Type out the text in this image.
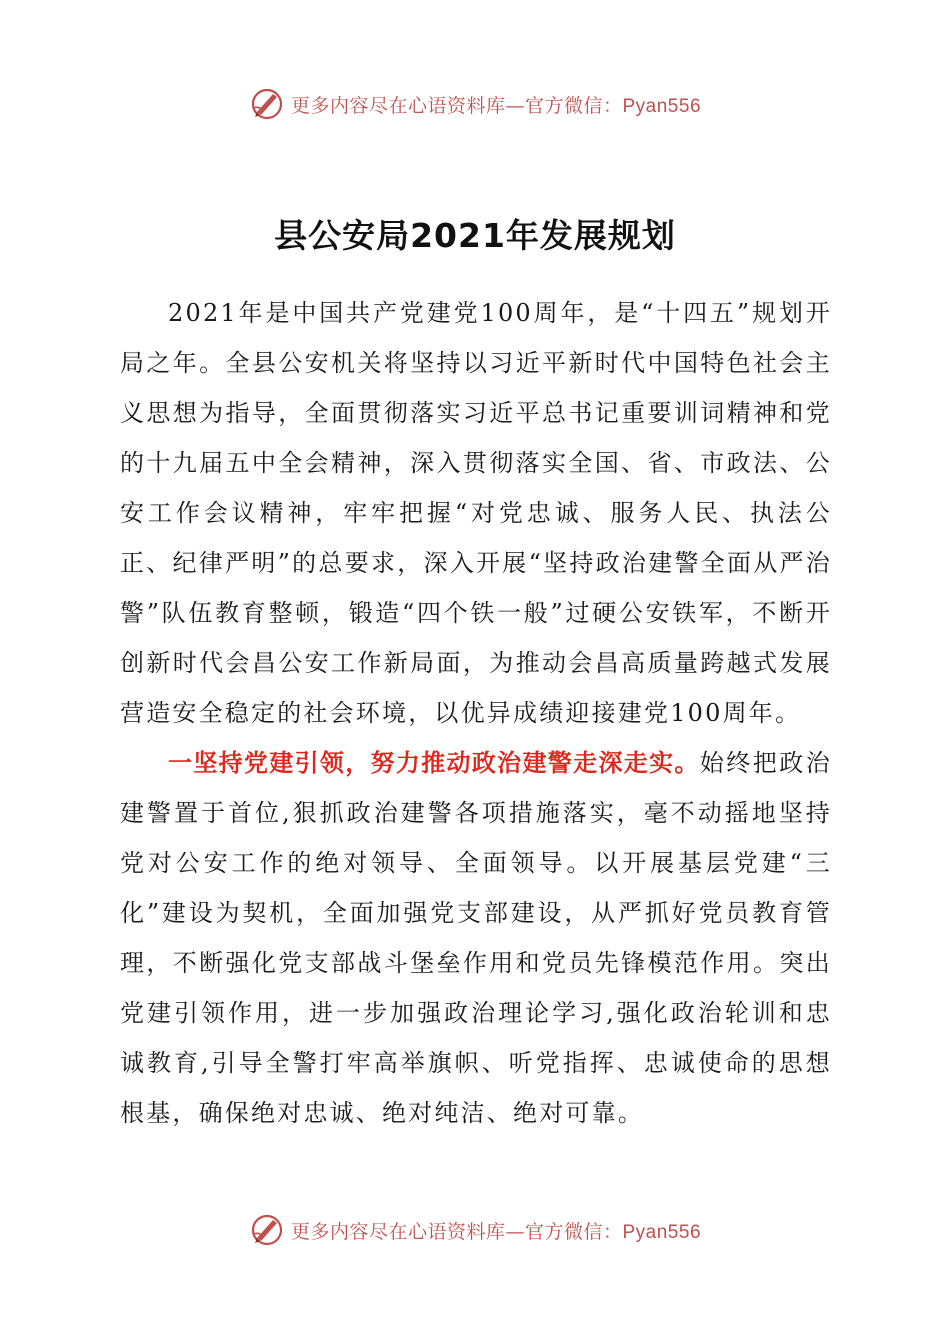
更多内容尽在心语资料库—官方微信：Pyan556
县公安局2021年发展规划

2021年是中国共产党建党100周年，是“十四五”规划开局之年。全县公安机关将坚持以习近平新时代中国特色社会主义思想为指导，全面贯彻落实习近平总书记重要训词精神和党的十九届五中全会精神，深入贯彻落实全国、省、市政法、公安工作会议精神，牢牢把握“对党忠诚、服务人民、执法公正、纪律严明”的总要求，深入开展“坚持政治建警全面从严治警”队伍教育整顿，锻造“四个铁一般”过硬公安铁军，不断开创新时代会昌公安工作新局面，为推动会昌高质量跨越式发展营造安全稳定的社会环境，以优异成绩迎接建党100周年。

一坚持党建引领，努力推动政治建警走深走实。始终把政治建警置于首位,狠抓政治建警各项措施落实，毫不动摇地坚持党对公安工作的绝对领导、全面领导。以开展基层党建“三化”建设为契机，全面加强党支部建设，从严抓好党员教育管理，不断强化党支部战斗堡垒作用和党员先锋模范作用。突出党建引领作用，进一步加强政治理论学习,强化政治轮训和忠诚教育,引导全警打牢高举旗帜、听党指挥、忠诚使命的思想根基，确保绝对忠诚、绝对纯洁、绝对可靠。

更多内容尽在心语资料库—官方微信：Pyan556
